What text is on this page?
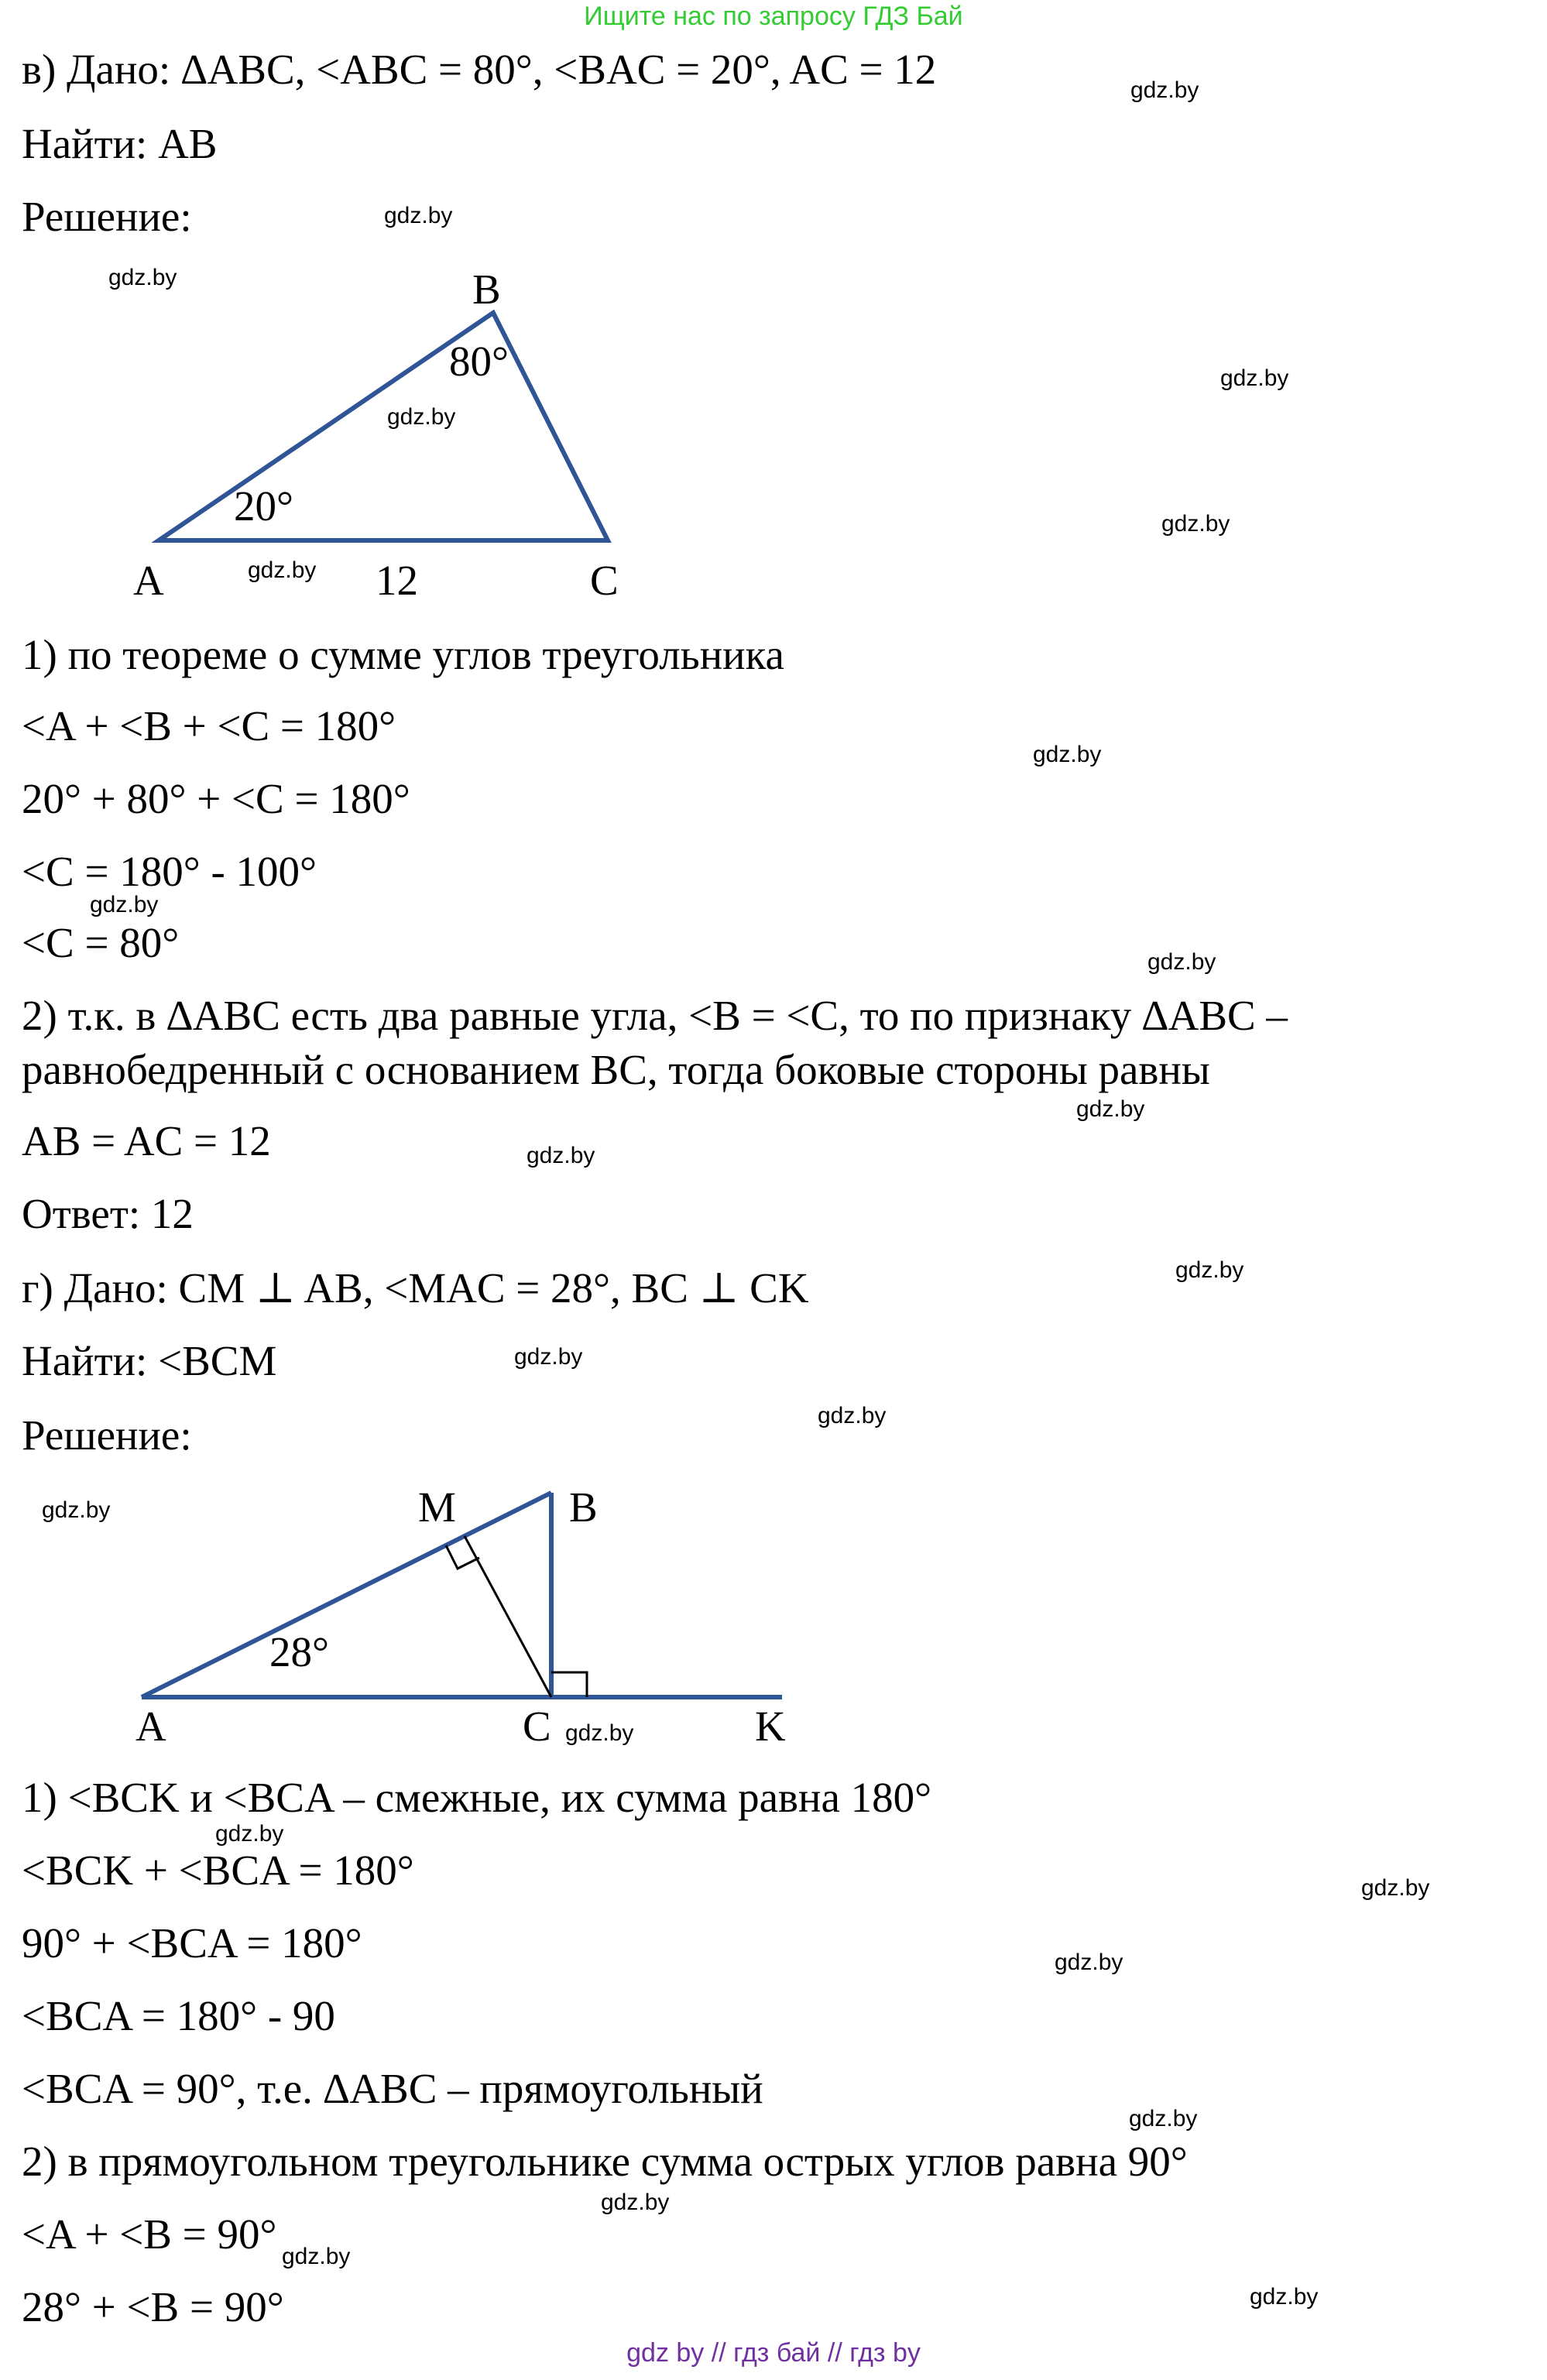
Ищите нас по запросу ГДЗ Бай
в) Дано: ∆ABC, <ABC = 80°, <BAC = 20°, AC = 12
Найти: AB
Решение:
B
80°
20°
A	12	C
M	B
28°
A	C	K
1) по теореме о сумме углов треугольника
<A + <B + <C = 180°
20° + 80° + <C = 180°
<C = 180° - 100°
<C = 80°
2) т.к. в ∆ABC есть два равные угла, <B = <C, то по признаку ∆ABC –
равнобедренный с основанием BC, тогда боковые стороны равны
AB = AC = 12
Ответ: 12
г) Дано: CM ⊥ AB, <MAC = 28°, BC ⊥ CK
Найти: <BCM
Решение:
1) <BCK и <BCA – смежные, их сумма равна 180°
<BCK + <BCA = 180°
90° + <BCA = 180°
<BCA = 180° - 90
<BCA = 90°, т.е. ∆ABC – прямоугольный
2) в прямоугольном треугольнике сумма острых углов равна 90°
<A + <B = 90°
28° + <B = 90°
gdz.by
gdz.by
gdz.by
gdz.by
gdz.by
gdz.by
gdz.by
gdz.by
gdz.by
gdz.by
gdz.by
gdz.by
gdz.by
gdz.by
gdz.by
gdz.by
gdz.by
gdz.by
gdz.by
gdz.by
gdz.by
gdz.by
gdz.by
gdz.by
gdz by // гдз бай // гдз by
